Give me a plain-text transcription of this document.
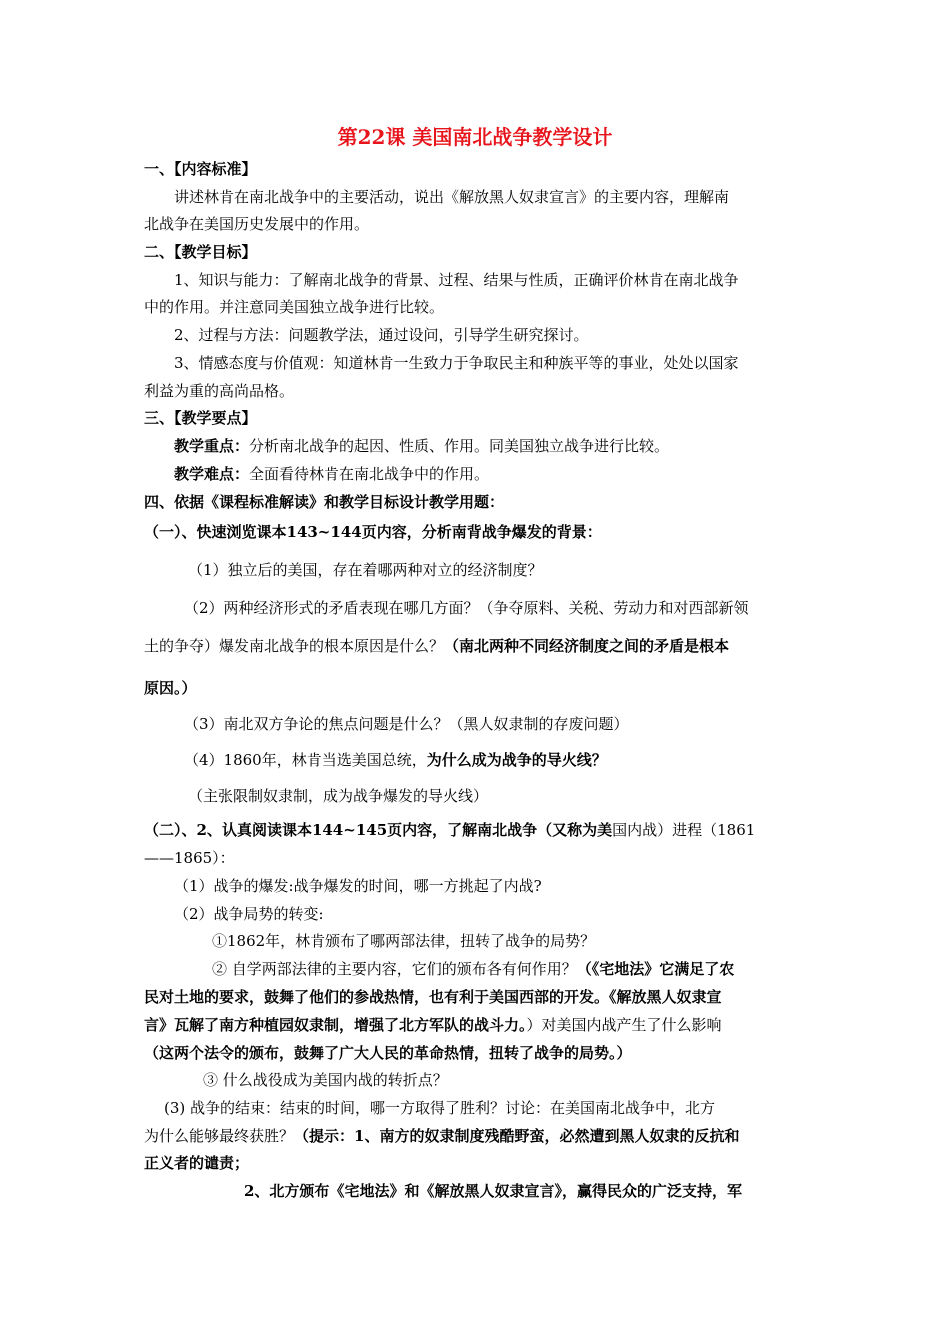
第22课 美国南北战争教学设计
一、【内容标准】
讲述林肯在南北战争中的主要活动，说出《解放黑人奴隶宣言》的主要内容，理解南
北战争在美国历史发展中的作用。
二、【教学目标】
1、知识与能力：了解南北战争的背景、过程、结果与性质，正确评价林肯在南北战争
中的作用。并注意同美国独立战争进行比较。
2、过程与方法：问题教学法，通过设问，引导学生研究探讨。
3、情感态度与价值观：知道林肯一生致力于争取民主和种族平等的事业，处处以国家
利益为重的高尚品格。
三、【教学要点】
教学重点：分析南北战争的起因、性质、作用。同美国独立战争进行比较。
教学难点：全面看待林肯在南北战争中的作用。
四、依据《课程标准解读》和教学目标设计教学用题：
（一）、快速浏览课本143~144页内容，分析南背战争爆发的背景：
（1）独立后的美国，存在着哪两种对立的经济制度？
（2）两种经济形式的矛盾表现在哪几方面？（争夺原料、关税、劳动力和对西部新领
土的争夺）爆发南北战争的根本原因是什么？（南北两种不同经济制度之间的矛盾是根本
原因。）
（3）南北双方争论的焦点问题是什么？（黑人奴隶制的存废问题）
（4）1860年，林肯当选美国总统，为什么成为战争的导火线？
（主张限制奴隶制，成为战争爆发的导火线）
（二）、2、认真阅读课本144~145页内容，了解南北战争（又称为美国内战）进程（1861
——1865）：
（1）战争的爆发:战争爆发的时间，哪一方挑起了内战?
（2）战争局势的转变:
①1862年，林肯颁布了哪两部法律，扭转了战争的局势？
② 自学两部法律的主要内容，它们的颁布各有何作用？（《宅地法》它满足了农
民对土地的要求，鼓舞了他们的参战热情，也有利于美国西部的开发。《解放黑人奴隶宣
言》瓦解了南方种植园奴隶制，增强了北方军队的战斗力。）对美国内战产生了什么影响
（这两个法令的颁布，鼓舞了广大人民的革命热情，扭转了战争的局势。）
③ 什么战役成为美国内战的转折点？
(3) 战争的结束：结束的时间，哪一方取得了胜利？讨论：在美国南北战争中，北方
为什么能够最终获胜？（提示：1、南方的奴隶制度残酷野蛮，必然遭到黑人奴隶的反抗和
正义者的谴责；
2、北方颁布《宅地法》和《解放黑人奴隶宣言》，赢得民众的广泛支持，军
